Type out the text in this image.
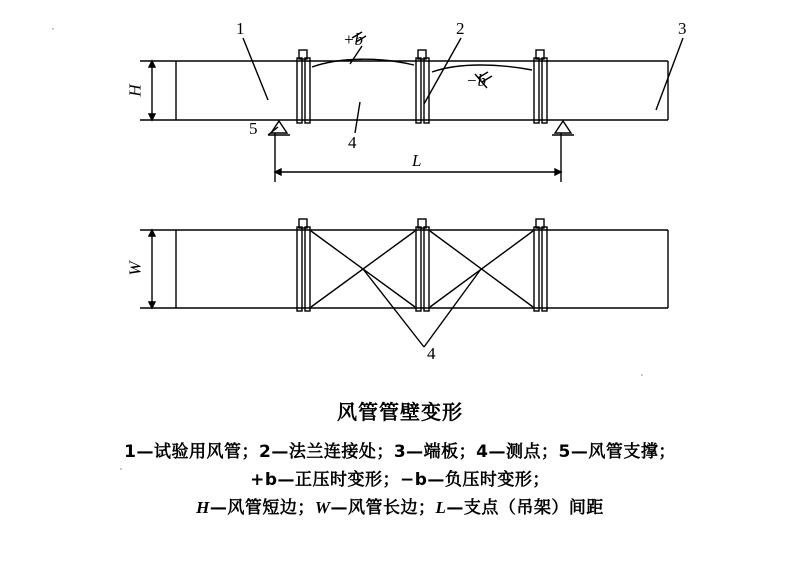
1	2	3
4
5
+b
−b
4
H
W
L
风管管壁变形
1—试验用风管；2—法兰连接处；3—端板；4—测点；5—风管支撑；
+b—正压时变形；−b—负压时变形；
H—风管短边；W—风管长边；L—支点（吊架）间距
